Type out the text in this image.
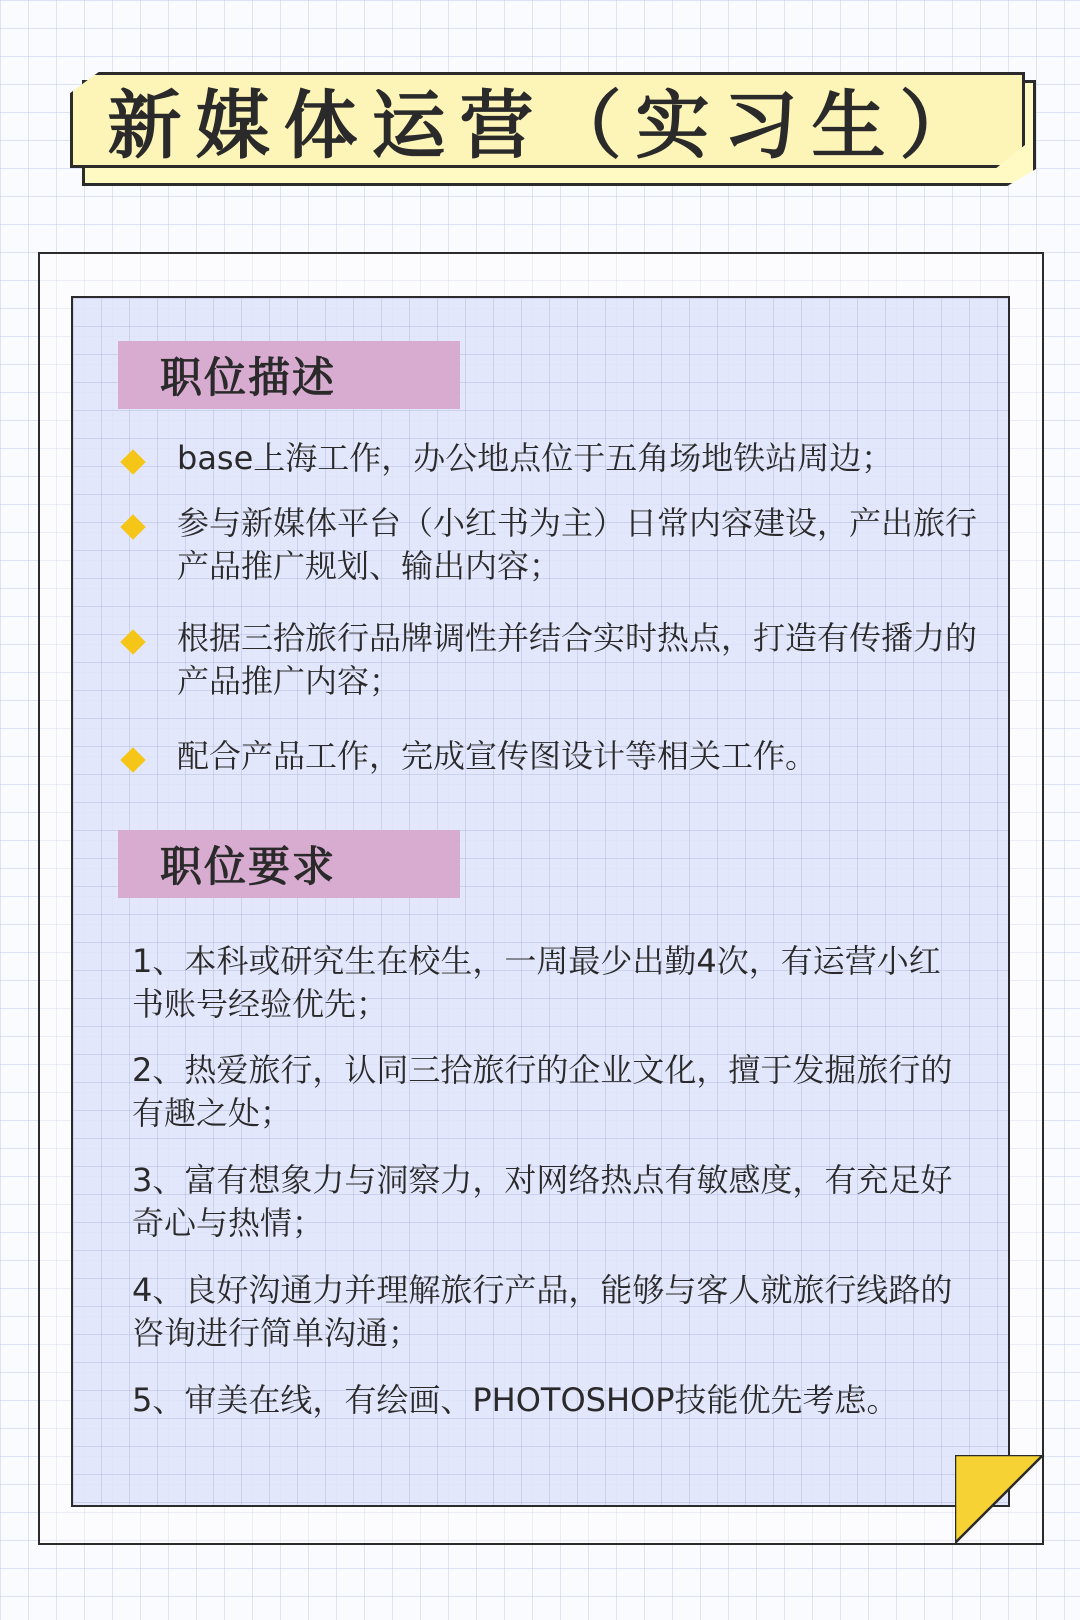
新媒体运营（实习生）
职位描述
base上海工作，办公地点位于五角场地铁站周边；
参与新媒体平台（小红书为主）日常内容建设，产出旅行产品推广规划、输出内容；
根据三拾旅行品牌调性并结合实时热点，打造有传播力的产品推广内容；
配合产品工作，完成宣传图设计等相关工作。
职位要求
1、本科或研究生在校生，一周最少出勤4次，有运营小红书账号经验优先；
2、热爱旅行，认同三拾旅行的企业文化，擅于发掘旅行的有趣之处；
3、富有想象力与洞察力，对网络热点有敏感度，有充足好奇心与热情；
4、良好沟通力并理解旅行产品，能够与客人就旅行线路的咨询进行简单沟通；
5、审美在线，有绘画、PHOTOSHOP技能优先考虑。
